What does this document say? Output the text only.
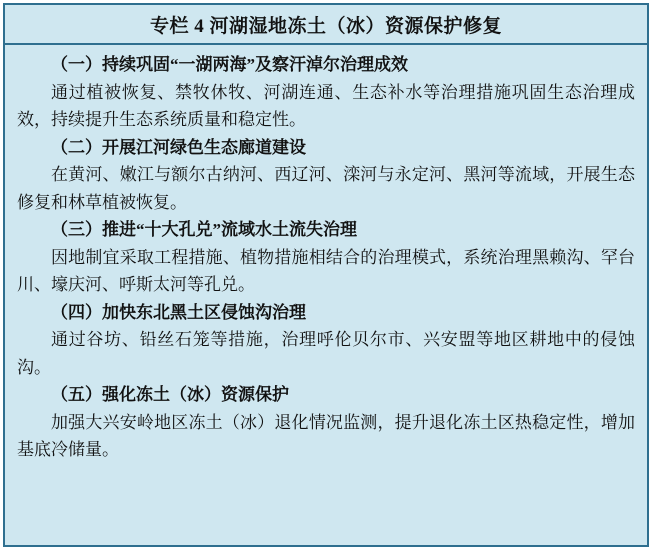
专栏 4 河湖湿地冻土（冰）资源保护修复
（一）持续巩固“一湖两海”及察汗淖尔治理成效
通过植被恢复、禁牧休牧、河湖连通、生态补水等治理措施巩固生态治理成效，持续提升生态系统质量和稳定性。
（二）开展江河绿色生态廊道建设
在黄河、嫩江与额尔古纳河、西辽河、滦河与永定河、黑河等流域，开展生态修复和林草植被恢复。
（三）推进“十大孔兑”流域水土流失治理
因地制宜采取工程措施、植物措施相结合的治理模式，系统治理黑赖沟、罕台川、壕庆河、呼斯太河等孔兑。
（四）加快东北黑土区侵蚀沟治理
通过谷坊、铅丝石笼等措施，治理呼伦贝尔市、兴安盟等地区耕地中的侵蚀沟。
（五）强化冻土（冰）资源保护
加强大兴安岭地区冻土（冰）退化情况监测，提升退化冻土区热稳定性，增加基底冷储量。
